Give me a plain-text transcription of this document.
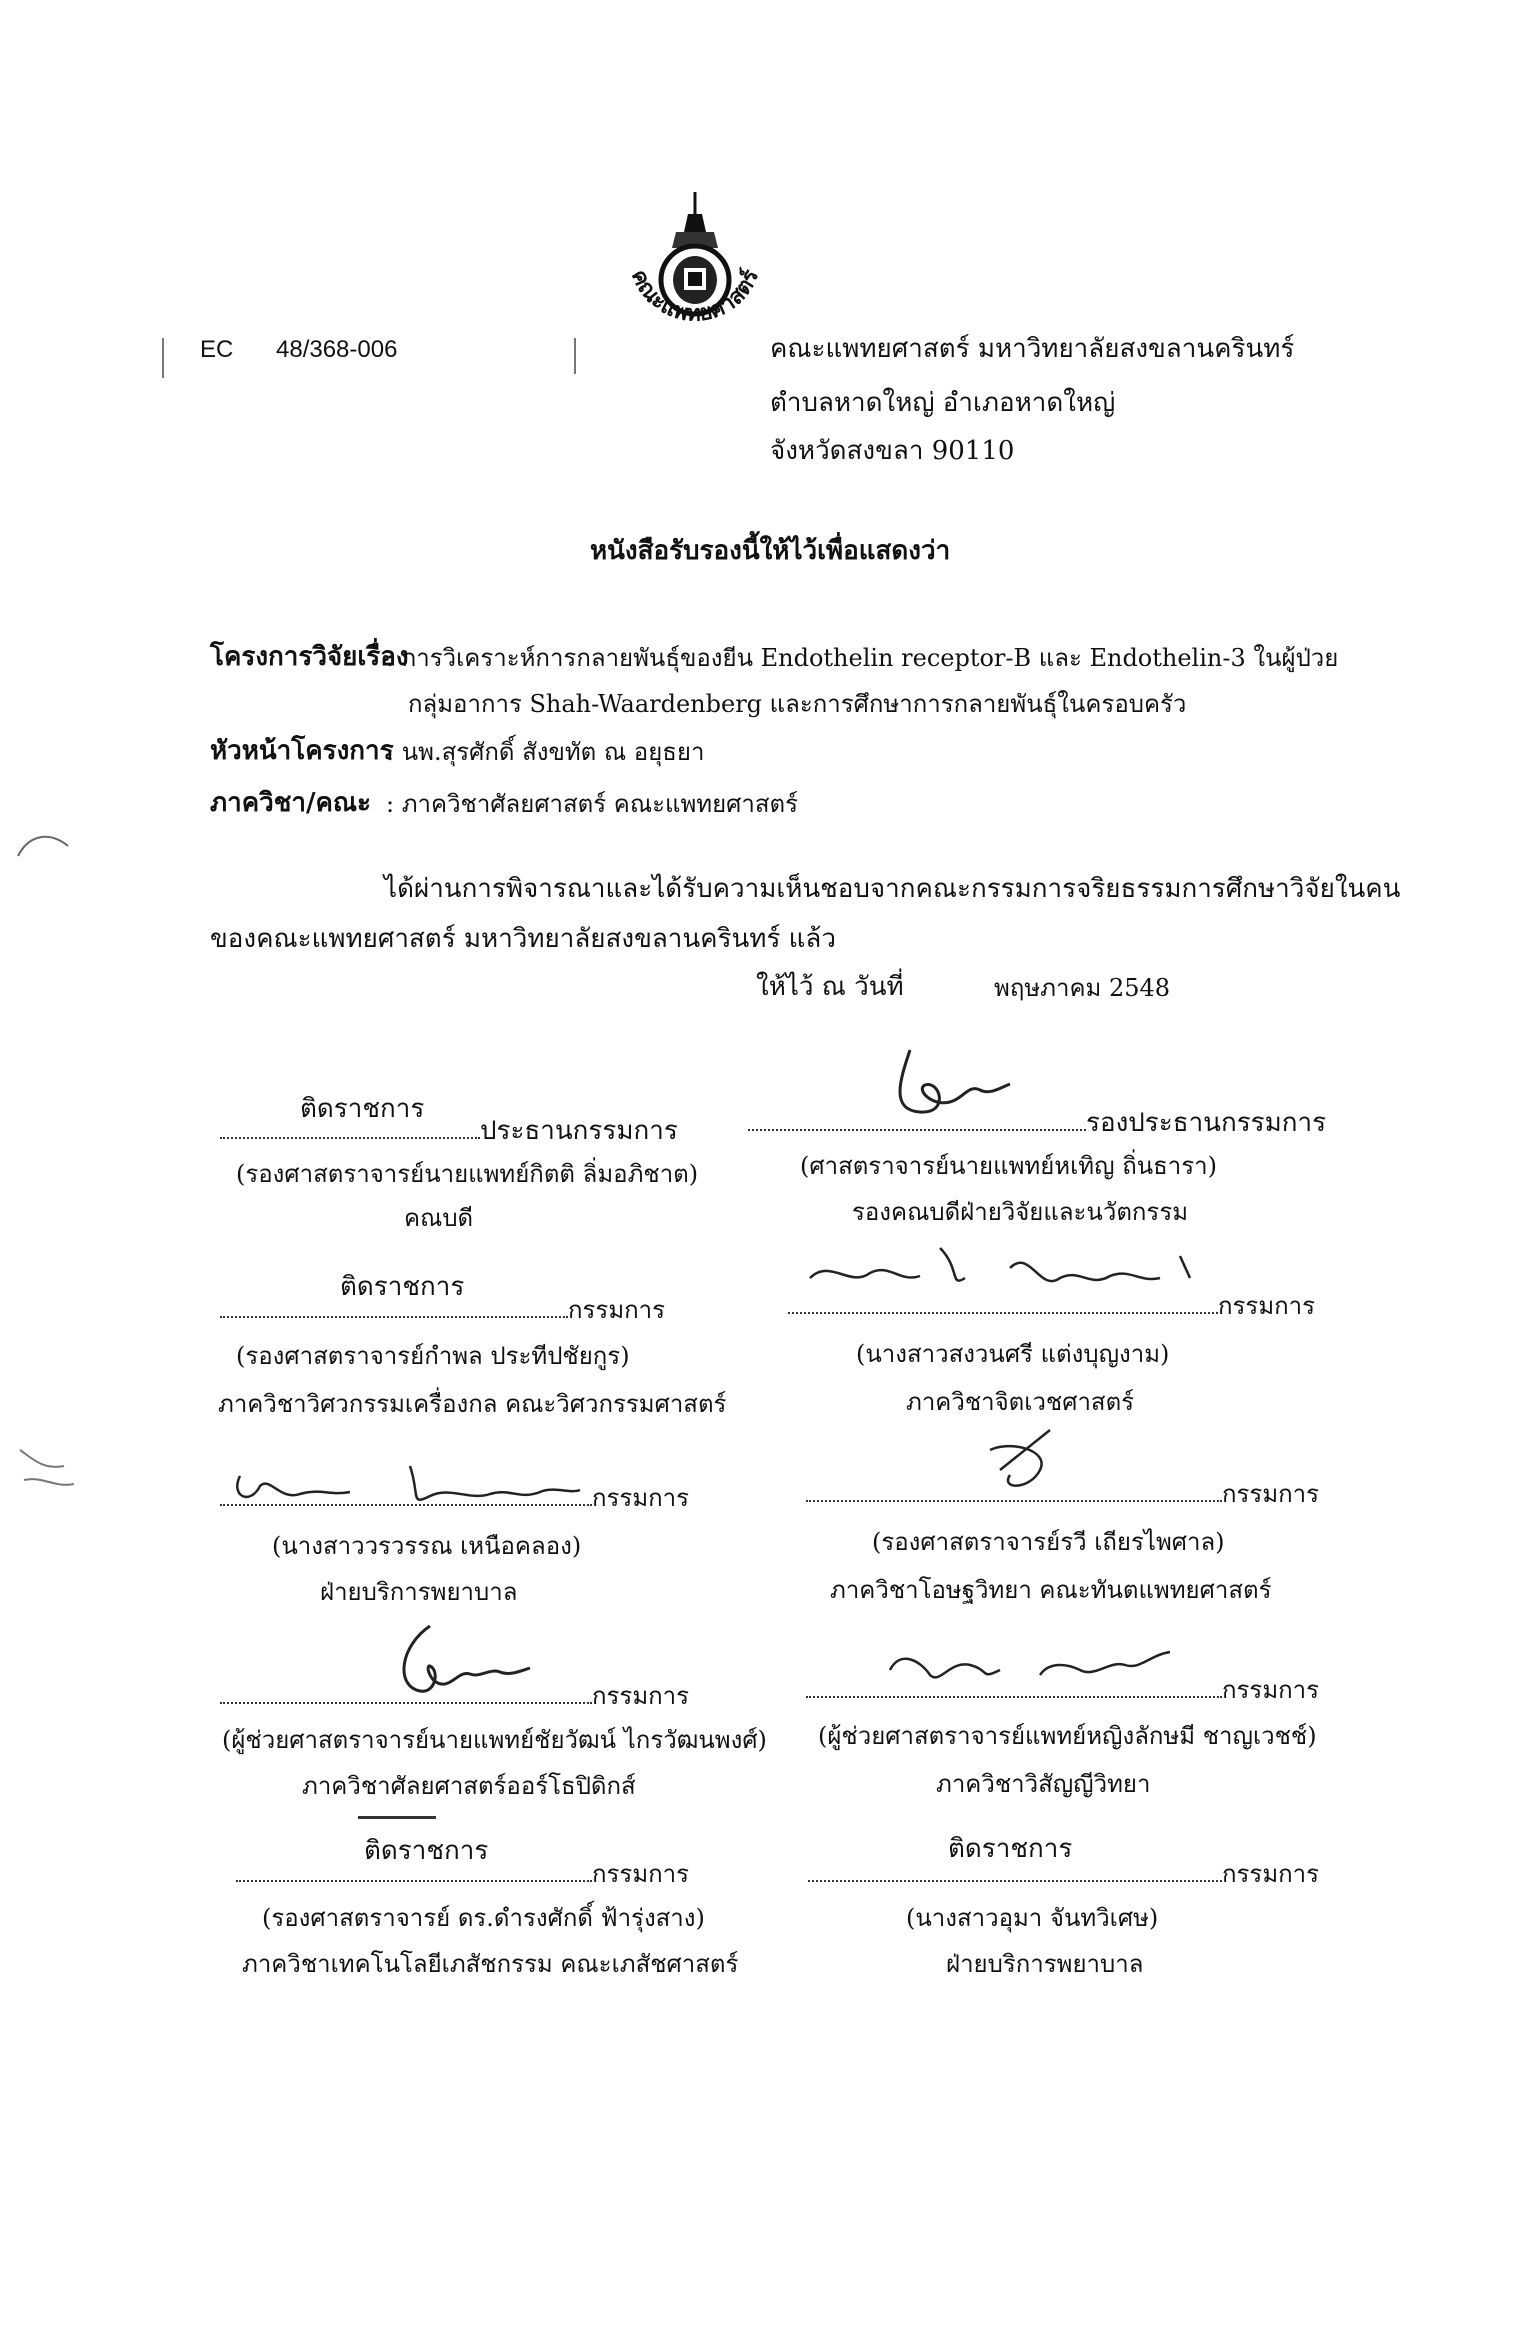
EC 48/368-006
คณะแพทยศาสตร์
คณะแพทยศาสตร์ มหาวิทยาลัยสงขลานครินทร์
ตำบลหาดใหญ่ อำเภอหาดใหญ่
จังหวัดสงขลา 90110
หนังสือรับรองนี้ให้ไว้เพื่อแสดงว่า
โครงการวิจัยเรื่อง
: การวิเคราะห์การกลายพันธุ์ของยีน Endothelin receptor-B และ Endothelin-3 ในผู้ป่วย
กลุ่มอาการ Shah-Waardenberg และการศึกษาการกลายพันธุ์ในครอบครัว
หัวหน้าโครงการ
: นพ.สุรศักดิ์ สังขทัต ณ อยุธยา
ภาควิชา/คณะ : ภาควิชาศัลยศาสตร์ คณะแพทยศาสตร์
ได้ผ่านการพิจารณาและได้รับความเห็นชอบจากคณะกรรมการจริยธรรมการศึกษาวิจัยในคน
ของคณะแพทยศาสตร์ มหาวิทยาลัยสงขลานครินทร์ แล้ว
ให้ไว้ ณ วันที่	พฤษภาคม 2548
ติดราชการ
ประธานกรรมการ
(รองศาสตราจารย์นายแพทย์กิตติ ลิ่มอภิชาต)
คณบดี
รองประธานกรรมการ
(ศาสตราจารย์นายแพทย์หเทิญ ถิ่นธารา)
รองคณบดีฝ่ายวิจัยและนวัตกรรม
ติดราชการ
กรรมการ
(รองศาสตราจารย์กำพล ประทีปชัยกูร)
ภาควิชาวิศวกรรมเครื่องกล คณะวิศวกรรมศาสตร์
กรรมการ
(นางสาวสงวนศรี แต่งบุญงาม)
ภาควิชาจิตเวชศาสตร์
กรรมการ
(นางสาววรวรรณ เหนือคลอง)
ฝ่ายบริการพยาบาล
กรรมการ
(รองศาสตราจารย์รวี เถียรไพศาล)
ภาควิชาโอษฐวิทยา คณะทันตแพทยศาสตร์
กรรมการ
(ผู้ช่วยศาสตราจารย์นายแพทย์ชัยวัฒน์ ไกรวัฒนพงศ์)
ภาควิชาศัลยศาสตร์ออร์โธปิดิกส์
กรรมการ
(ผู้ช่วยศาสตราจารย์แพทย์หญิงลักษมี ชาญเวชช์)
ภาควิชาวิสัญญีวิทยา
ติดราชการ
กรรมการ
(รองศาสตราจารย์ ดร.ดำรงศักดิ์ ฟ้ารุ่งสาง)
ภาควิชาเทคโนโลยีเภสัชกรรม คณะเภสัชศาสตร์
ติดราชการ
กรรมการ
(นางสาวอุมา จันทวิเศษ)
ฝ่ายบริการพยาบาล
